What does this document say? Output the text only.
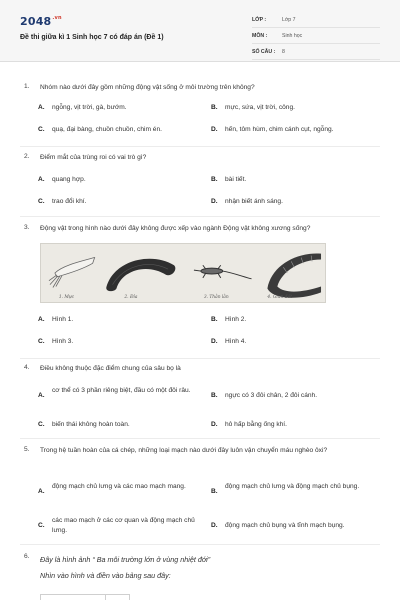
$2048^{.vn}$
Đề thi giữa kì 1 Sinh học 7 có đáp án (Đề 1)
LỚP :	Lớp 7
MÔN :	Sinh học
SỐ CÂU : 8
1. Nhóm nào dưới đây gồm những động vật sống ở môi trường trên không?
A. ngỗng, vịt trời, gà, bướm.	B. mực, sứa, vịt trời, công.
C. quạ, đại bàng, chuồn chuồn, chim én.	D. hến, tôm hùm, chim cánh cụt, ngỗng.
2. Điểm mắt của trùng roi có vai trò gì?
A. quang hợp.	B. bài tiết.
C. trao đổi khí.	D. nhận biết ánh sáng.
3. Động vật trong hình nào dưới đây không được xếp vào ngành Động vật không xương sống?
A. Hình 1.	B. Hình 2.
C. Hình 3.	D. Hình 4.
1. Mực	2. Đỉa	3. Thằn lằn	4. Giun đốt
4. Điều không thuộc đặc điểm chung của sâu bọ là
A.
cơ thể có 3 phần riêng biệt, đầu có một đôi râu.
B. ngực có 3 đôi chân, 2 đôi cánh.
C. biến thái không hoàn toàn.	D. hô hấp bằng ống khí.
5. Trong hệ tuần hoàn của cá chép, những loại mạch nào dưới đây luôn vận chuyển máu nghèo ôxi?
A.
động mạch chủ lưng và các mao mạch mang.
B.
động mạch chủ lưng và động mạch chủ bụng.
C.
các mao mạch ở các cơ quan và động mạch chủ lưng.
D. động mạch chủ bụng và tĩnh mạch bụng.
6. Đây là hình ảnh “ Ba môi trường lớn ở vùng nhiệt đới”
Nhìn vào hình và điền vào bảng sau đây:
